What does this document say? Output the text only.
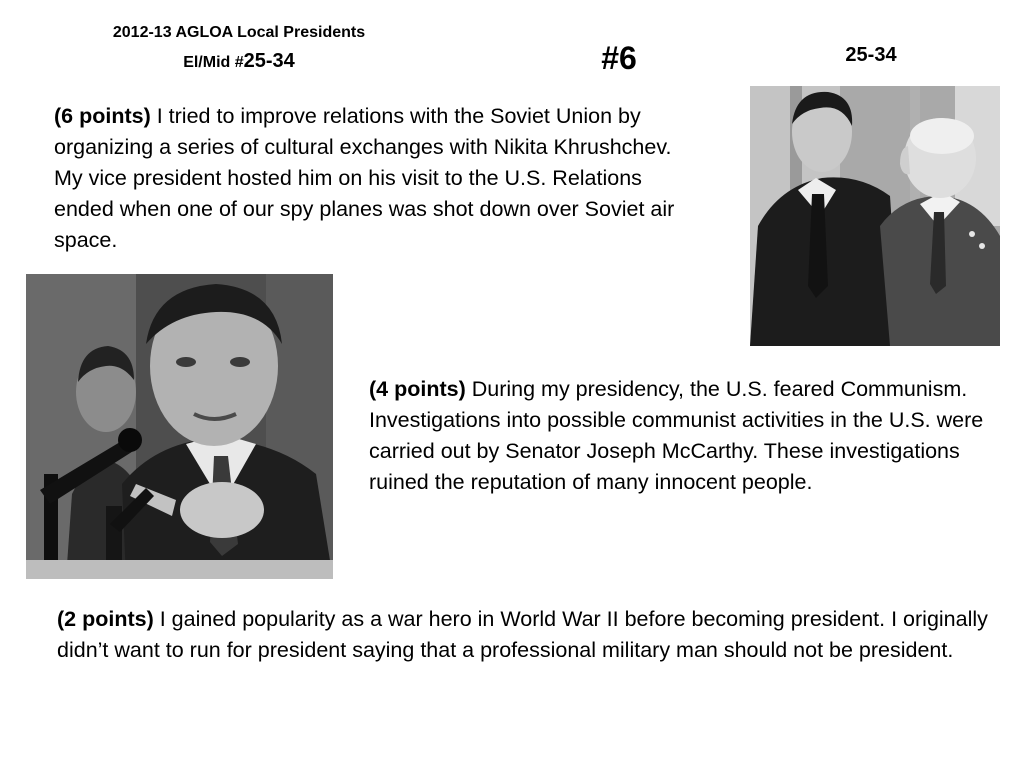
2012-13 AGLOA Local Presidents
El/Mid #25-34	#6	25-34
(6 points) I tried to improve relations with the Soviet Union by organizing a series of cultural exchanges with Nikita Khrushchev. My vice president hosted him on his visit to the U.S. Relations ended when one of our spy planes was shot down over Soviet air space.
(4 points) During my presidency, the U.S. feared Communism. Investigations into possible communist activities in the U.S. were carried out by Senator Joseph McCarthy. These investigations ruined the reputation of many innocent people.
(2 points) I gained popularity as a war hero in World War II before becoming president. I originally didn’t want to run for president saying that a professional military man should not be president.
